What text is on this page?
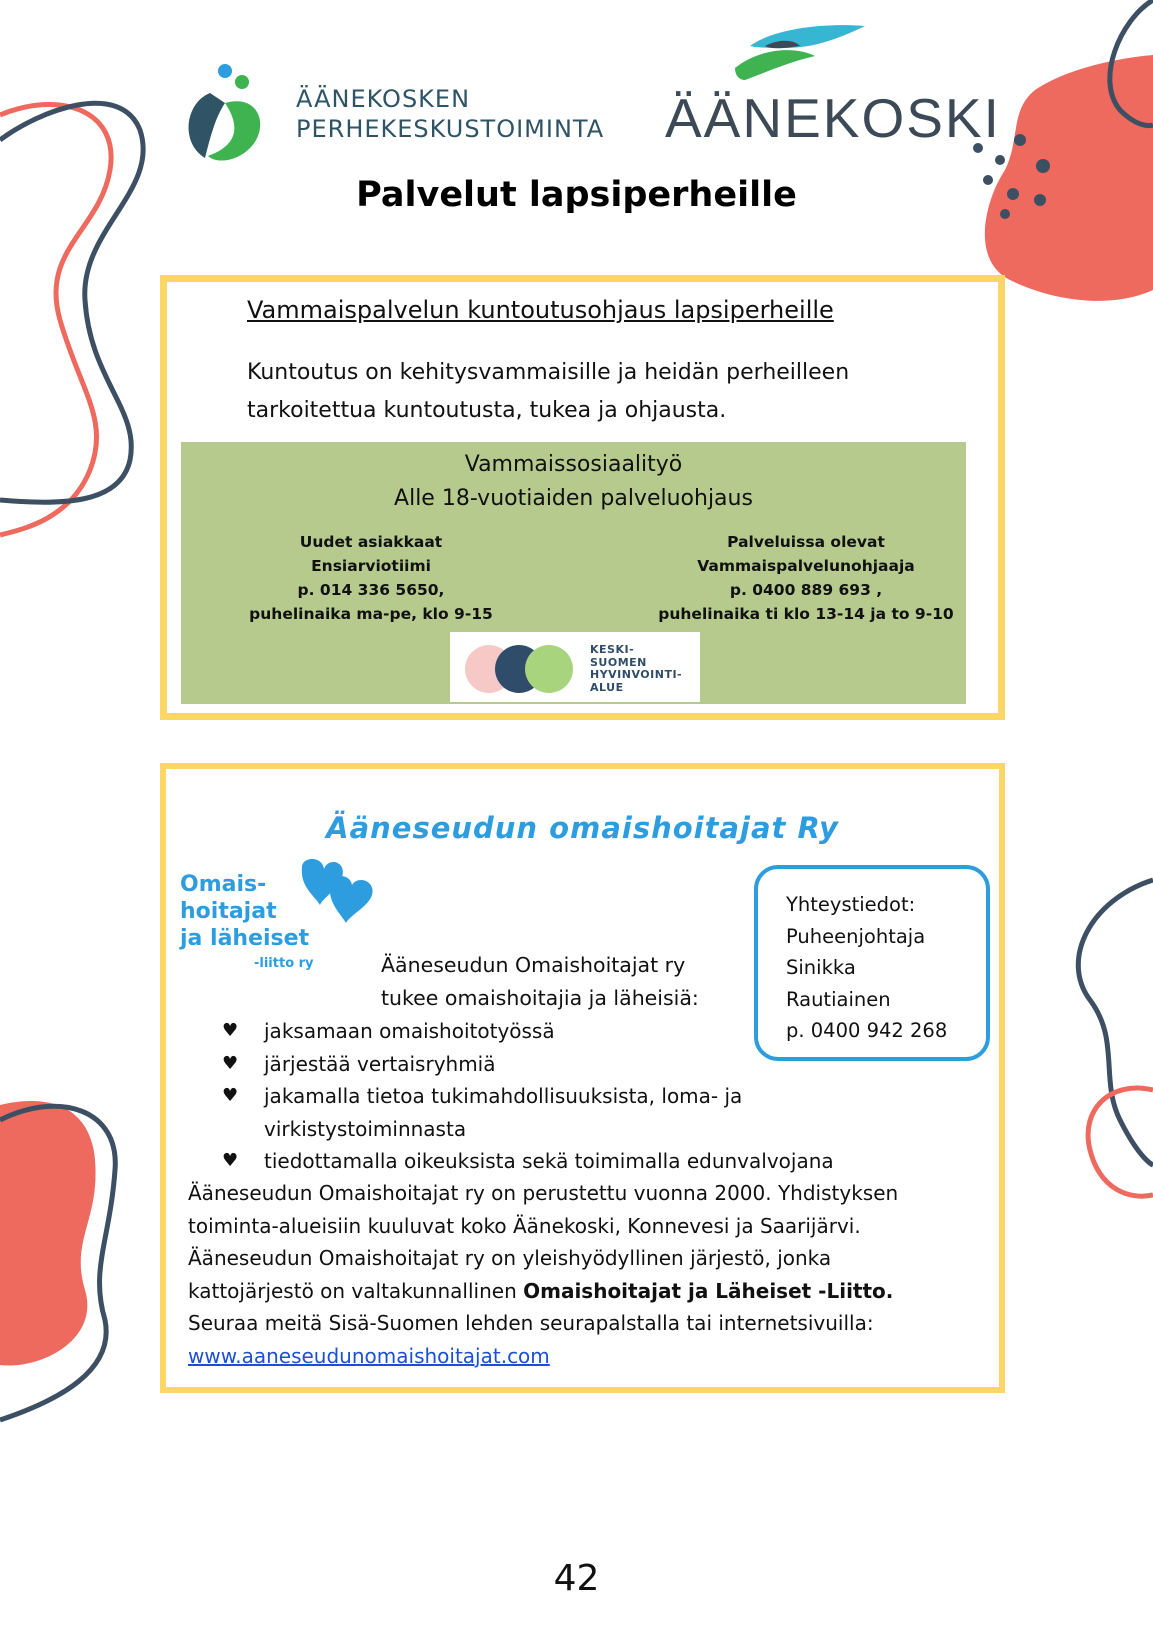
ÄÄNEKOSKEN
PERHEKESKUSTOIMINTA ÄÄNEKOSKI
Palvelut lapsiperheille
Vammaispalvelun kuntoutusohjaus lapsiperheille
Kuntoutus on kehitysvammaisille ja heidän perheilleen
tarkoitettua kuntoutusta, tukea ja ohjausta.
Vammaissosiaalityö
Alle 18-vuotiaiden palveluohjaus
Uudet asiakkaat
Ensiarviotiimi
p. 014 336 5650,
puhelinaika ma-pe, klo 9-15
Palveluissa olevat
Vammaispalvelunohjaaja
p. 0400 889 693 ,
puhelinaika ti klo 13-14 ja to 9-10
KESKI-
SUOMEN
HYVINVOINTI-
ALUE
Ääneseudun omaishoitajat Ry
Omais-
hoitajat
ja läheiset
-liitto ry
Yhteystiedot:
Puheenjohtaja
Sinikka
Rautiainen
p. 0400 942 268
Ääneseudun Omaishoitajat ry
tukee omaishoitajia ja läheisiä:
♥ jaksamaan omaishoitotyössä
♥ järjestää vertaisryhmiä
♥ jakamalla tietoa tukimahdollisuuksista, loma- ja virkistystoiminnasta
♥ tiedottamalla oikeuksista sekä toimimalla edunvalvojana
Ääneseudun Omaishoitajat ry on perustettu vuonna 2000. Yhdistyksen
toiminta-alueisiin kuuluvat koko Äänekoski, Konnevesi ja Saarijärvi.
Ääneseudun Omaishoitajat ry on yleishyödyllinen järjestö, jonka
kattojärjestö on valtakunnallinen Omaishoitajat ja Läheiset -Liitto.
Seuraa meitä Sisä-Suomen lehden seurapalstalla tai internetsivuilla:
www.aaneseudunomaishoitajat.com
42
